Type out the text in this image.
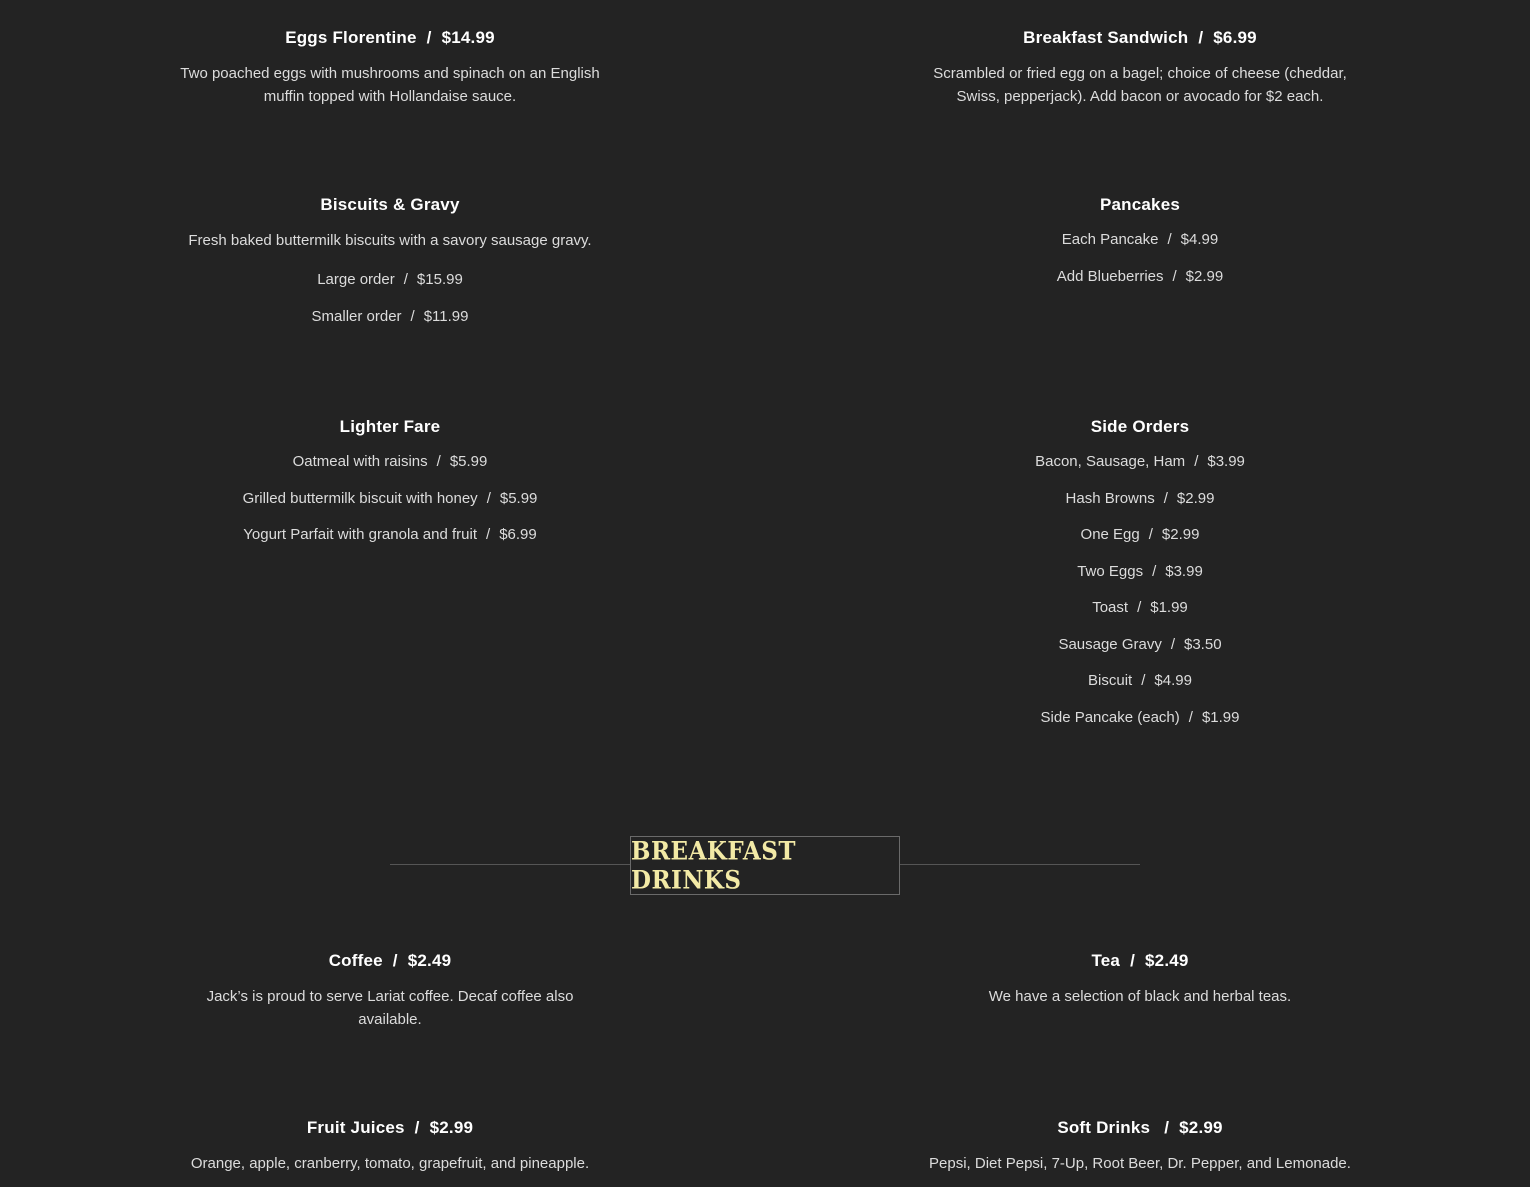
Eggs Florentine / $14.99

Two poached eggs with mushrooms and spinach on an English muffin topped with Hollandaise sauce.

Breakfast Sandwich / $6.99

Scrambled or fried egg on a bagel; choice of cheese (cheddar, Swiss, pepperjack). Add bacon or avocado for $2 each.

Biscuits & Gravy

Fresh baked buttermilk biscuits with a savory sausage gravy.

Large order / $15.99

Smaller order / $11.99

Pancakes

Each Pancake / $4.99

Add Blueberries / $2.99

Lighter Fare

Oatmeal with raisins / $5.99

Grilled buttermilk biscuit with honey / $5.99

Yogurt Parfait with granola and fruit / $6.99

Side Orders

Bacon, Sausage, Ham / $3.99

Hash Browns / $2.99

One Egg / $2.99

Two Eggs / $3.99

Toast / $1.99

Sausage Gravy / $3.50

Biscuit / $4.99

Side Pancake (each) / $1.99

BREAKFAST DRINKS

Coffee / $2.49

Jack’s is proud to serve Lariat coffee. Decaf coffee also available.

Tea / $2.49

We have a selection of black and herbal teas.

Fruit Juices / $2.99

Orange, apple, cranberry, tomato, grapefruit, and pineapple.

Soft Drinks / $2.99

Pepsi, Diet Pepsi, 7-Up, Root Beer, Dr. Pepper, and Lemonade.
